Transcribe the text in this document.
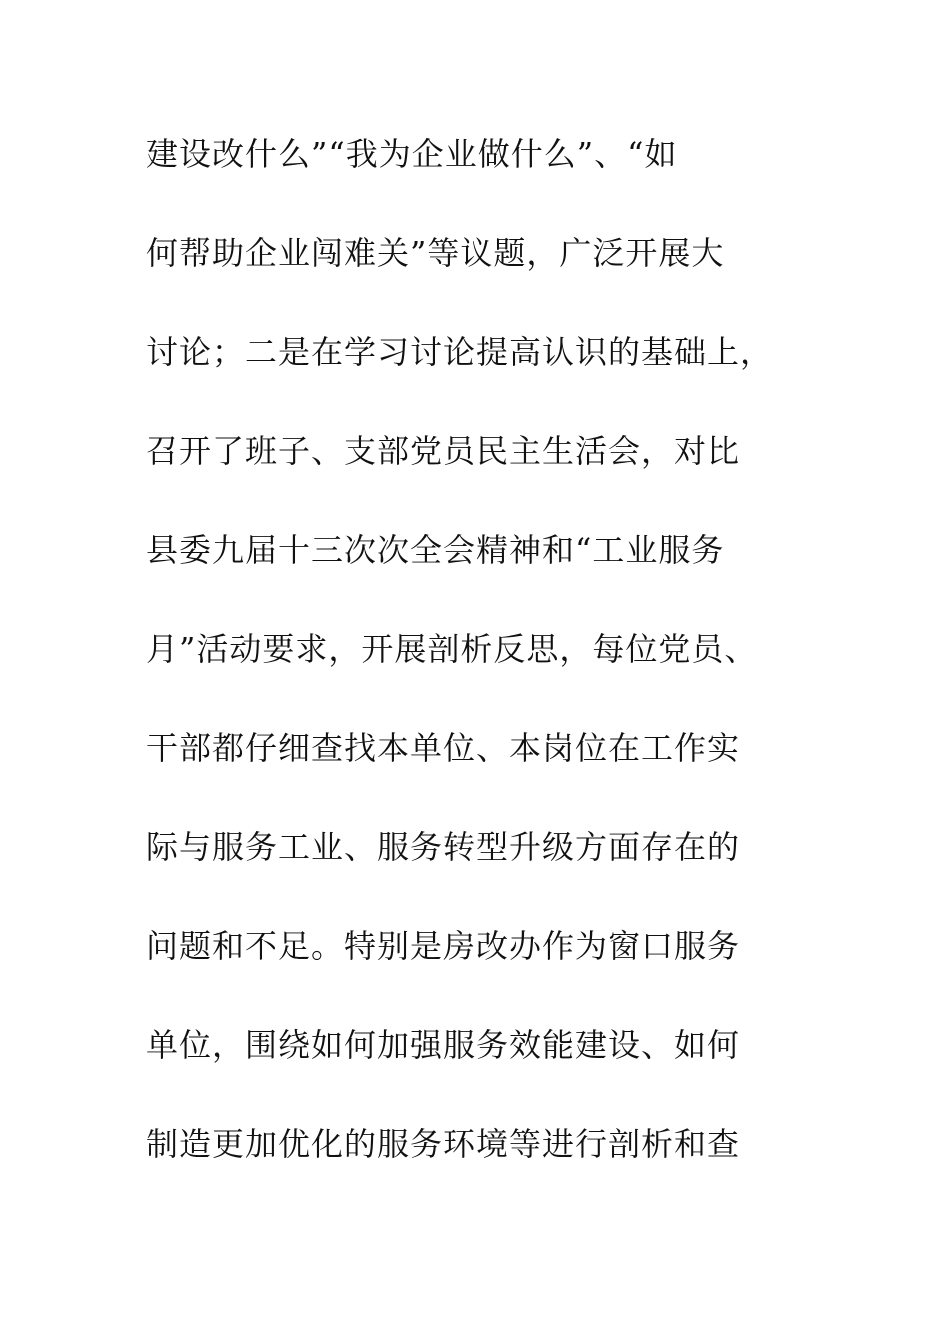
建设改什么”“我为企业做什么”、“如
何帮助企业闯难关”等议题，广泛开展大
讨论；二是在学习讨论提高认识的基础上，
召开了班子、支部党员民主生活会，对比
县委九届十三次次全会精神和“工业服务
月”活动要求，开展剖析反思，每位党员、
干部都仔细查找本单位、本岗位在工作实
际与服务工业、服务转型升级方面存在的
问题和不足。特别是房改办作为窗口服务
单位，围绕如何加强服务效能建设、如何
制造更加优化的服务环境等进行剖析和查
